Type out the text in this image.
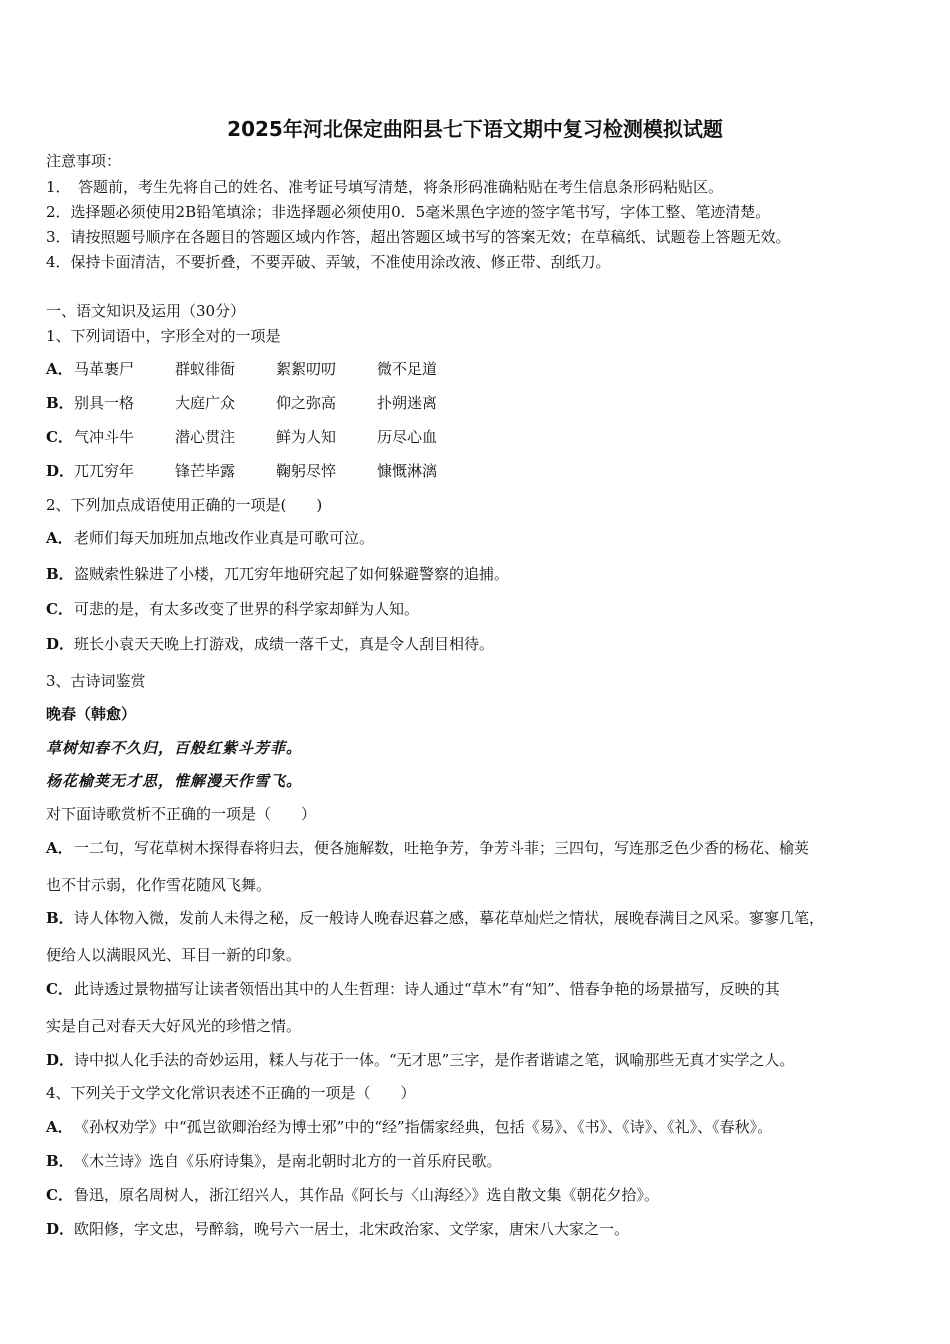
2025年河北保定曲阳县七下语文期中复习检测模拟试题
注意事项：
1．　答题前，考生先将自己的姓名、准考证号填写清楚，将条形码准确粘贴在考生信息条形码粘贴区。
2．选择题必须使用2B铅笔填涂；非选择题必须使用0．5毫米黑色字迹的签字笔书写，字体工整、笔迹清楚。
3．请按照题号顺序在各题目的答题区域内作答，超出答题区域书写的答案无效；在草稿纸、试题卷上答题无效。
4．保持卡面清洁，不要折叠，不要弄破、弄皱，不准使用涂改液、修正带、刮纸刀。
一、语文知识及运用（30分）
1、下列词语中，字形全对的一项是
A．马革裹尸	群蚁徘衙	絮絮叨叨	微不足道
B．别具一格	大庭广众	仰之弥高	扑朔迷离
C．气冲斗牛	潜心贯注	鲜为人知	历尽心血
D．兀兀穷年	锋芒毕露	鞠躬尽悴	慷慨淋漓
2、下列加点成语使用正确的一项是(　　)
A．老师们每天加班加点地改作业真是可歌可泣。
B．盗贼索性躲进了小楼，兀兀穷年地研究起了如何躲避警察的追捕。
C．可悲的是，有太多改变了世界的科学家却鲜为人知。
D．班长小袁天天晚上打游戏，成绩一落千丈，真是令人刮目相待。
3、古诗词鉴赏
晚春（韩愈）
草树知春不久归，百般红紫斗芳菲。
杨花榆荚无才思，惟解漫天作雪飞。
对下面诗歌赏析不正确的一项是（　　）
A．一二句，写花草树木探得春将归去，便各施解数，吐艳争芳，争芳斗菲；三四句，写连那乏色少香的杨花、榆荚
也不甘示弱，化作雪花随风飞舞。
B．诗人体物入微，发前人未得之秘，反一般诗人晚春迟暮之感，摹花草灿烂之情状，展晚春满目之风采。寥寥几笔，
便给人以满眼风光、耳目一新的印象。
C．此诗透过景物描写让读者领悟出其中的人生哲理：诗人通过“草木”有“知”、惜春争艳的场景描写，反映的其
实是自己对春天大好风光的珍惜之情。
D．诗中拟人化手法的奇妙运用，糅人与花于一体。“无才思”三字，是作者谐谑之笔，讽喻那些无真才实学之人。
4、下列关于文学文化常识表述不正确的一项是（　　）
A．《孙权劝学》中“孤岂欲卿治经为博士邪”中的“经”指儒家经典，包括《易》、《书》、《诗》、《礼》、《春秋》。
B．《木兰诗》选自《乐府诗集》，是南北朝时北方的一首乐府民歌。
C．鲁迅，原名周树人，浙江绍兴人，其作品《阿长与〈山海经〉》选自散文集《朝花夕拾》。
D．欧阳修，字文忠，号醉翁，晚号六一居士，北宋政治家、文学家，唐宋八大家之一。
